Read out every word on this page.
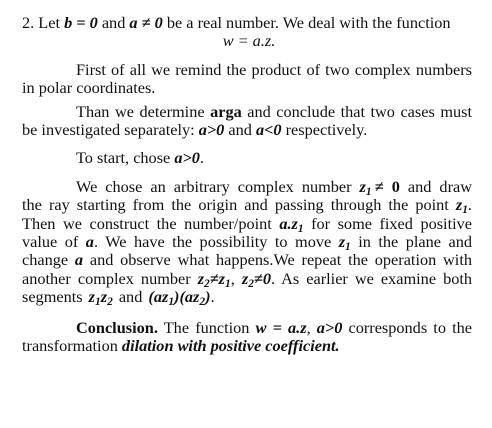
2. Let b = 0 and a ≠ 0 be a real number. We deal with the function

w = a.z.

First of all we remind the product of two complex numbers in polar coordinates.

Than we determine arga and conclude that two cases must be investigated separately: a>0 and a<0 respectively.

To start, chose a>0.

We chose an arbitrary complex number $z_1 \ne 0$ and draw the ray starting from the origin and passing through the point $z_1$. Then we construct the number/point $a.z_1$ for some fixed positive value of a. We have the possibility to move $z_1$ in the plane and change a and observe what happens.We repeat the operation with another complex number $z_2\ne z_1$, $z_2\ne 0$. As earlier we examine both segments $z_1z_2$ and $(az_1)(az_2)$.

Conclusion. The function w = a.z, a>0 corresponds to the transformation dilation with positive coefficient.
